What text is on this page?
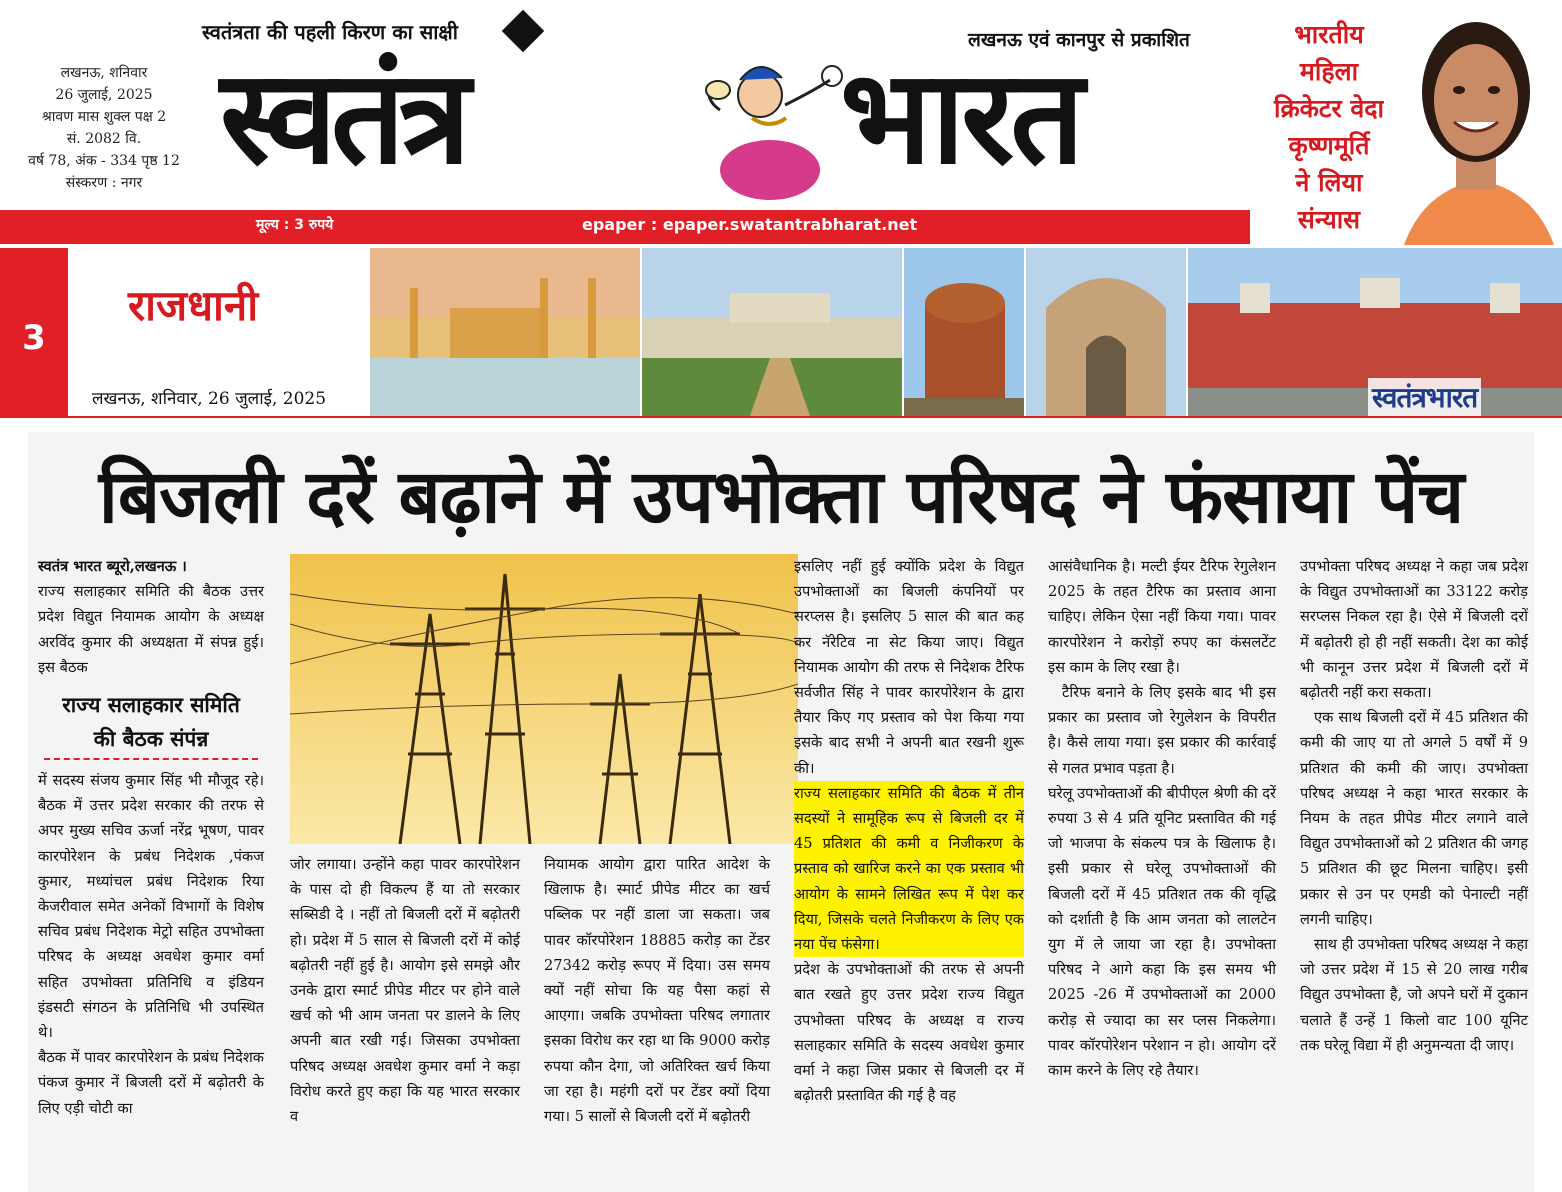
लखनऊ, शनिवार
26 जुलाई, 2025
श्रावण मास शुक्ल पक्ष 2
सं. 2082 वि.
वर्ष 78, अंक - 334 पृष्ठ 12
संस्करण : नगर
स्वतंत्रता की पहली किरण का साक्षी	लखनऊ एवं कानपुर से प्रकाशित
स्वतंत्र	भारत
मूल्य : 3 रुपये	epaper : epaper.swatantrabharat.net
भारतीय
महिला
क्रिकेटर वेदा
कृष्णमूर्ति
ने लिया
संन्यास
3
राजधानी
लखनऊ, शनिवार, 26 जुलाई, 2025	स्वतंत्रभारत
बिजली दरें बढ़ाने में उपभोक्ता परिषद ने फंसाया पेंच

स्वतंत्र भारत ब्यूरो,लखनऊ ।

राज्य सलाहकार समिति की बैठक उत्तर प्रदेश विद्युत नियामक आयोग के अध्यक्ष अरविंद कुमार की अध्यक्षता में संपन्न हुई। इस बैठक

राज्य सलाहकार समिति
की बैठक संपंन्न

में सदस्य संजय कुमार सिंह भी मौजूद रहे। बैठक में उत्तर प्रदेश सरकार की तरफ से अपर मुख्य सचिव ऊर्जा नरेंद्र भूषण, पावर कारपोरेशन के प्रबंध निदेशक ,पंकज कुमार, मध्यांचल प्रबंध निदेशक रिया केजरीवाल समेत अनेकों विभागों के विशेष सचिव प्रबंध निदेशक मेट्रो सहित उपभोक्ता परिषद के अध्यक्ष अवधेश कुमार वर्मा सहित उपभोक्ता प्रतिनिधि व इंडियन इंडसटी संगठन के प्रतिनिधि भी उपस्थित थे।

बैठक में पावर कारपोरेशन के प्रबंध निदेशक पंकज कुमार नें बिजली दरों में बढ़ोतरी के लिए एड़ी चोटी का

जोर लगाया। उन्होंने कहा पावर कारपोरेशन के पास दो ही विकल्प हैं या तो सरकार सब्सिडी दे । नहीं तो बिजली दरों में बढ़ोतरी हो। प्रदेश में 5 साल से बिजली दरों में कोई बढ़ोतरी नहीं हुई है। आयोग इसे समझे और उनके द्वारा स्मार्ट प्रीपेड मीटर पर होने वाले खर्च को भी आम जनता पर डालने के लिए अपनी बात रखी गई। जिसका उपभोक्ता परिषद अध्यक्ष अवधेश कुमार वर्मा ने कड़ा विरोध करते हुए कहा कि यह भारत सरकार व

नियामक आयोग द्वारा पारित आदेश के खिलाफ है। स्मार्ट प्रीपेड मीटर का खर्च पब्लिक पर नहीं डाला जा सकता। जब पावर कॉरपोरेशन 18885 करोड़ का टेंडर 27342 करोड़ रूपए में दिया। उस समय क्यों नहीं सोचा कि यह पैसा कहां से आएगा। जबकि उपभोक्ता परिषद लगातार इसका विरोध कर रहा था कि 9000 करोड़ रुपया कौन देगा, जो अतिरिक्त खर्च किया जा रहा है। महंगी दरों पर टेंडर क्यों दिया गया। 5 सालों से बिजली दरों में बढ़ोतरी

इसलिए नहीं हुई क्योंकि प्रदेश के विद्युत उपभोक्ताओं का बिजली कंपनियों पर सरप्लस है। इसलिए 5 साल की बात कह कर नॅरेटिव ना सेट किया जाए। विद्युत नियामक आयोग की तरफ से निदेशक टैरिफ सर्वजीत सिंह ने पावर कारपोरेशन के द्वारा तैयार किए गए प्रस्ताव को पेश किया गया इसके बाद सभी ने अपनी बात रखनी शुरू की।

राज्य सलाहकार समिति की बैठक में तीन सदस्यों ने सामूहिक रूप से बिजली दर में 45 प्रतिशत की कमी व निजीकरण के प्रस्ताव को खारिज करने का एक प्रस्ताव भी आयोग के सामने लिखित रूप में पेश कर दिया, जिसके चलते निजीकरण के लिए एक नया पेंच फंसेगा।

प्रदेश के उपभोक्ताओं की तरफ से अपनी बात रखते हुए उत्तर प्रदेश राज्य विद्युत उपभोक्ता परिषद के अध्यक्ष व राज्य सलाहकार समिति के सदस्य अवधेश कुमार वर्मा ने कहा जिस प्रकार से बिजली दर में बढ़ोतरी प्रस्तावित की गई है वह

आसंवैधानिक है। मल्टी ईयर टैरिफ रेगुलेशन 2025 के तहत टैरिफ का प्रस्ताव आना चाहिए। लेकिन ऐसा नहीं किया गया। पावर कारपोरेशन ने करोड़ों रुपए का कंसलटेंट इस काम के लिए रखा है।

टैरिफ बनाने के लिए इसके बाद भी इस प्रकार का प्रस्ताव जो रेगुलेशन के विपरीत है। कैसे लाया गया। इस प्रकार की कार्रवाई से गलत प्रभाव पड़ता है।

घरेलू उपभोक्ताओं की बीपीएल श्रेणी की दरें रुपया 3 से 4 प्रति यूनिट प्रस्तावित की गई जो भाजपा के संकल्प पत्र के खिलाफ है। इसी प्रकार से घरेलू उपभोक्ताओं की बिजली दरों में 45 प्रतिशत तक की वृद्धि को दर्शाती है कि आम जनता को लालटेन युग में ले जाया जा रहा है। उपभोक्ता परिषद ने आगे कहा कि इस समय भी 2025 -26 में उपभोक्ताओं का 2000 करोड़ से ज्यादा का सर प्लस निकलेगा। पावर कॉरपोरेशन परेशान न हो। आयोग दरें काम करने के लिए रहे तैयार।

उपभोक्ता परिषद अध्यक्ष ने कहा जब प्रदेश के विद्युत उपभोक्ताओं का 33122 करोड़ सरप्लस निकल रहा है। ऐसे में बिजली दरों में बढ़ोतरी हो ही नहीं सकती। देश का कोई भी कानून उत्तर प्रदेश में बिजली दरों में बढ़ोतरी नहीं करा सकता।

एक साथ बिजली दरों में 45 प्रतिशत की कमी की जाए या तो अगले 5 वर्षों में 9 प्रतिशत की कमी की जाए। उपभोक्ता परिषद अध्यक्ष ने कहा भारत सरकार के नियम के तहत प्रीपेड मीटर लगाने वाले विद्युत उपभोक्ताओं को 2 प्रतिशत की जगह 5 प्रतिशत की छूट मिलना चाहिए। इसी प्रकार से उन पर एमडी को पेनाल्टी नहीं लगनी चाहिए।

साथ ही उपभोक्ता परिषद अध्यक्ष ने कहा जो उत्तर प्रदेश में 15 से 20 लाख गरीब विद्युत उपभोक्ता है, जो अपने घरों में दुकान चलाते हैं उन्हें 1 किलो वाट 100 यूनिट तक घरेलू विद्या में ही अनुमन्यता दी जाए।
